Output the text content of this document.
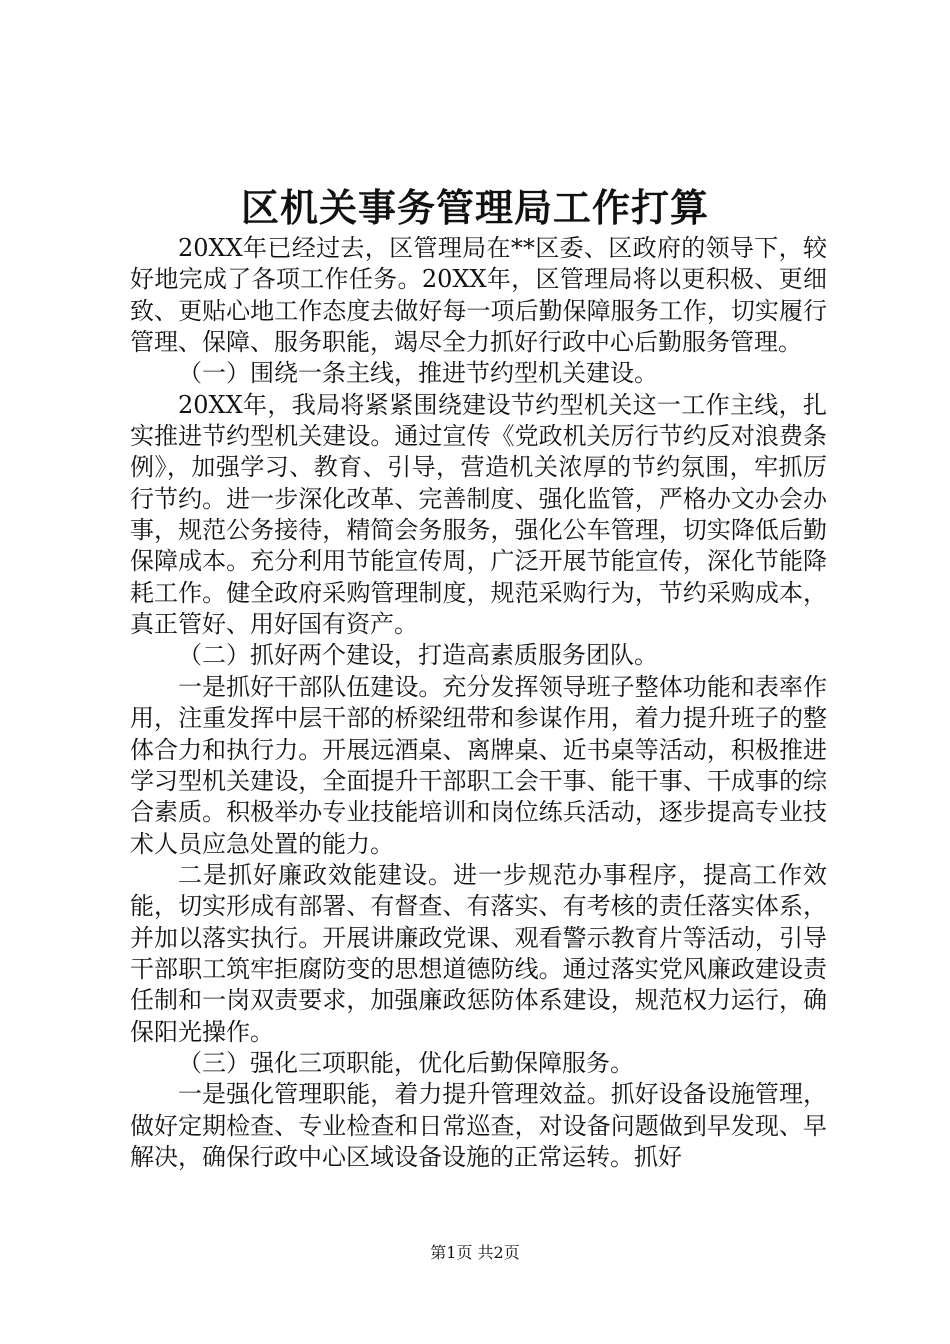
区机关事务管理局工作打算

20XX年已经过去，区管理局在**区委、区政府的领导下，较好地完成了各项工作任务。20XX年，区管理局将以更积极、更细致、更贴心地工作态度去做好每一项后勤保障服务工作，切实履行管理、保障、服务职能，竭尽全力抓好行政中心后勤服务管理。

（一）围绕一条主线，推进节约型机关建设。

20XX年，我局将紧紧围绕建设节约型机关这一工作主线，扎实推进节约型机关建设。通过宣传《党政机关厉行节约反对浪费条例》，加强学习、教育、引导，营造机关浓厚的节约氛围，牢抓厉行节约。进一步深化改革、完善制度、强化监管，严格办文办会办事，规范公务接待，精简会务服务，强化公车管理，切实降低后勤保障成本。充分利用节能宣传周，广泛开展节能宣传，深化节能降耗工作。健全政府采购管理制度，规范采购行为，节约采购成本，真正管好、用好国有资产。

（二）抓好两个建设，打造高素质服务团队。

一是抓好干部队伍建设。充分发挥领导班子整体功能和表率作用，注重发挥中层干部的桥梁纽带和参谋作用，着力提升班子的整体合力和执行力。开展远酒桌、离牌桌、近书桌等活动，积极推进学习型机关建设，全面提升干部职工会干事、能干事、干成事的综合素质。积极举办专业技能培训和岗位练兵活动，逐步提高专业技术人员应急处置的能力。

二是抓好廉政效能建设。进一步规范办事程序，提高工作效能，切实形成有部署、有督查、有落实、有考核的责任落实体系，并加以落实执行。开展讲廉政党课、观看警示教育片等活动，引导干部职工筑牢拒腐防变的思想道德防线。通过落实党风廉政建设责任制和一岗双责要求，加强廉政惩防体系建设，规范权力运行，确保阳光操作。

（三）强化三项职能，优化后勤保障服务。

一是强化管理职能，着力提升管理效益。抓好设备设施管理，做好定期检查、专业检查和日常巡查，对设备问题做到早发现、早解决，确保行政中心区域设备设施的正常运转。抓好

第1页 共2页
